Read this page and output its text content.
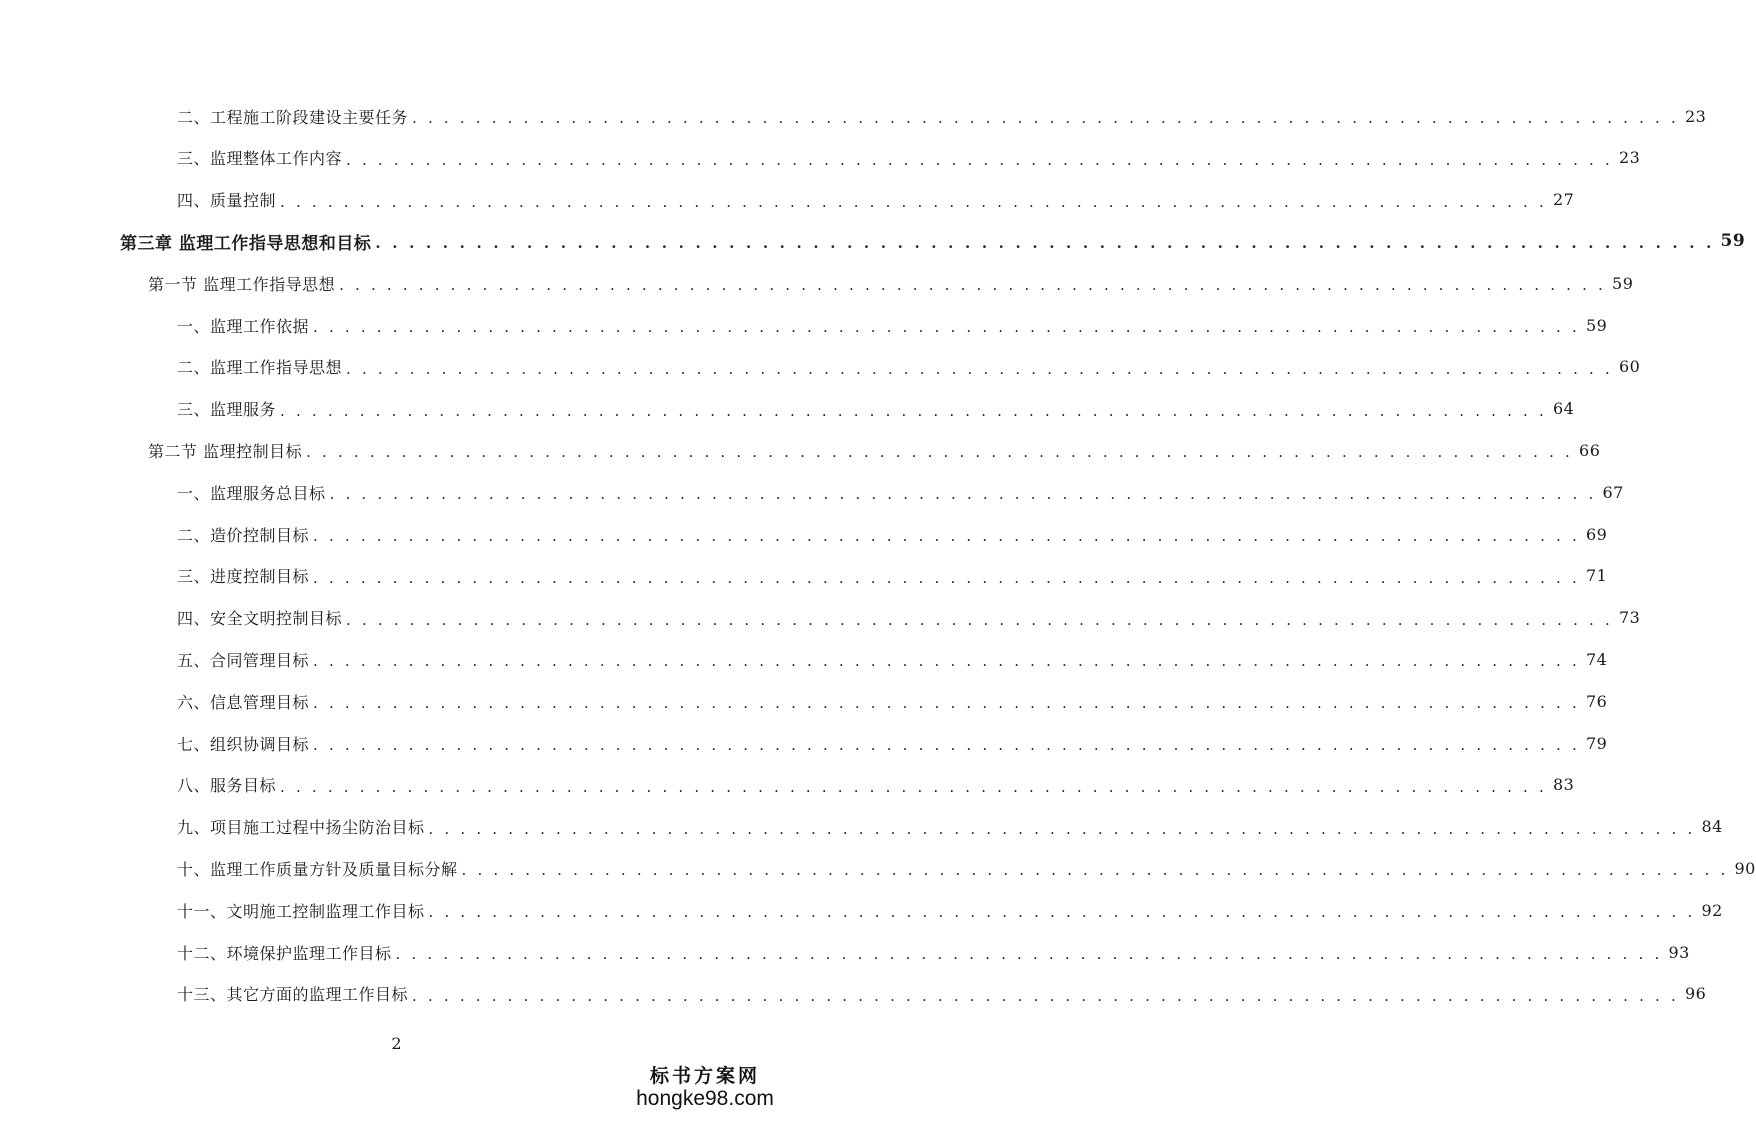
二、工程施工阶段建设主要任务 . . . . . . . . . . . . . . . . . . . . . . . . . . . . . . . . . . . . . . . . . . . . . . . . . . . . . . . . . . . . . . . . . . . . . . . . . . . . . . . . 23
三、监理整体工作内容 . . . . . . . . . . . . . . . . . . . . . . . . . . . . . . . . . . . . . . . . . . . . . . . . . . . . . . . . . . . . . . . . . . . . . . . . . . . . . . . . 23
四、质量控制 . . . . . . . . . . . . . . . . . . . . . . . . . . . . . . . . . . . . . . . . . . . . . . . . . . . . . . . . . . . . . . . . . . . . . . . . . . . . . . . . 27
第三章 监理工作指导思想和目标 . . . . . . . . . . . . . . . . . . . . . . . . . . . . . . . . . . . . . . . . . . . . . . . . . . . . . . . . . . . . . . . . . . . . . . . . . . . . . . . . 59
第一节 监理工作指导思想 . . . . . . . . . . . . . . . . . . . . . . . . . . . . . . . . . . . . . . . . . . . . . . . . . . . . . . . . . . . . . . . . . . . . . . . . . . . . . . . . 59
一、监理工作依据 . . . . . . . . . . . . . . . . . . . . . . . . . . . . . . . . . . . . . . . . . . . . . . . . . . . . . . . . . . . . . . . . . . . . . . . . . . . . . . . . 59
二、监理工作指导思想 . . . . . . . . . . . . . . . . . . . . . . . . . . . . . . . . . . . . . . . . . . . . . . . . . . . . . . . . . . . . . . . . . . . . . . . . . . . . . . . . 60
三、监理服务 . . . . . . . . . . . . . . . . . . . . . . . . . . . . . . . . . . . . . . . . . . . . . . . . . . . . . . . . . . . . . . . . . . . . . . . . . . . . . . . . 64
第二节 监理控制目标 . . . . . . . . . . . . . . . . . . . . . . . . . . . . . . . . . . . . . . . . . . . . . . . . . . . . . . . . . . . . . . . . . . . . . . . . . . . . . . . . 66
一、监理服务总目标 . . . . . . . . . . . . . . . . . . . . . . . . . . . . . . . . . . . . . . . . . . . . . . . . . . . . . . . . . . . . . . . . . . . . . . . . . . . . . . . . 67
二、造价控制目标 . . . . . . . . . . . . . . . . . . . . . . . . . . . . . . . . . . . . . . . . . . . . . . . . . . . . . . . . . . . . . . . . . . . . . . . . . . . . . . . . 69
三、进度控制目标 . . . . . . . . . . . . . . . . . . . . . . . . . . . . . . . . . . . . . . . . . . . . . . . . . . . . . . . . . . . . . . . . . . . . . . . . . . . . . . . . 71
四、安全文明控制目标 . . . . . . . . . . . . . . . . . . . . . . . . . . . . . . . . . . . . . . . . . . . . . . . . . . . . . . . . . . . . . . . . . . . . . . . . . . . . . . . . 73
五、合同管理目标 . . . . . . . . . . . . . . . . . . . . . . . . . . . . . . . . . . . . . . . . . . . . . . . . . . . . . . . . . . . . . . . . . . . . . . . . . . . . . . . . 74
六、信息管理目标 . . . . . . . . . . . . . . . . . . . . . . . . . . . . . . . . . . . . . . . . . . . . . . . . . . . . . . . . . . . . . . . . . . . . . . . . . . . . . . . . 76
七、组织协调目标 . . . . . . . . . . . . . . . . . . . . . . . . . . . . . . . . . . . . . . . . . . . . . . . . . . . . . . . . . . . . . . . . . . . . . . . . . . . . . . . . 79
八、服务目标 . . . . . . . . . . . . . . . . . . . . . . . . . . . . . . . . . . . . . . . . . . . . . . . . . . . . . . . . . . . . . . . . . . . . . . . . . . . . . . . . 83
九、项目施工过程中扬尘防治目标 . . . . . . . . . . . . . . . . . . . . . . . . . . . . . . . . . . . . . . . . . . . . . . . . . . . . . . . . . . . . . . . . . . . . . . . . . . . . . . . . 84
十、监理工作质量方针及质量目标分解 . . . . . . . . . . . . . . . . . . . . . . . . . . . . . . . . . . . . . . . . . . . . . . . . . . . . . . . . . . . . . . . . . . . . . . . . . . . . . . . . 90
十一、文明施工控制监理工作目标 . . . . . . . . . . . . . . . . . . . . . . . . . . . . . . . . . . . . . . . . . . . . . . . . . . . . . . . . . . . . . . . . . . . . . . . . . . . . . . . . 92
十二、环境保护监理工作目标 . . . . . . . . . . . . . . . . . . . . . . . . . . . . . . . . . . . . . . . . . . . . . . . . . . . . . . . . . . . . . . . . . . . . . . . . . . . . . . . . 93
十三、其它方面的监理工作目标 . . . . . . . . . . . . . . . . . . . . . . . . . . . . . . . . . . . . . . . . . . . . . . . . . . . . . . . . . . . . . . . . . . . . . . . . . . . . . . . . 96
2
标书方案网
hongke98.com
